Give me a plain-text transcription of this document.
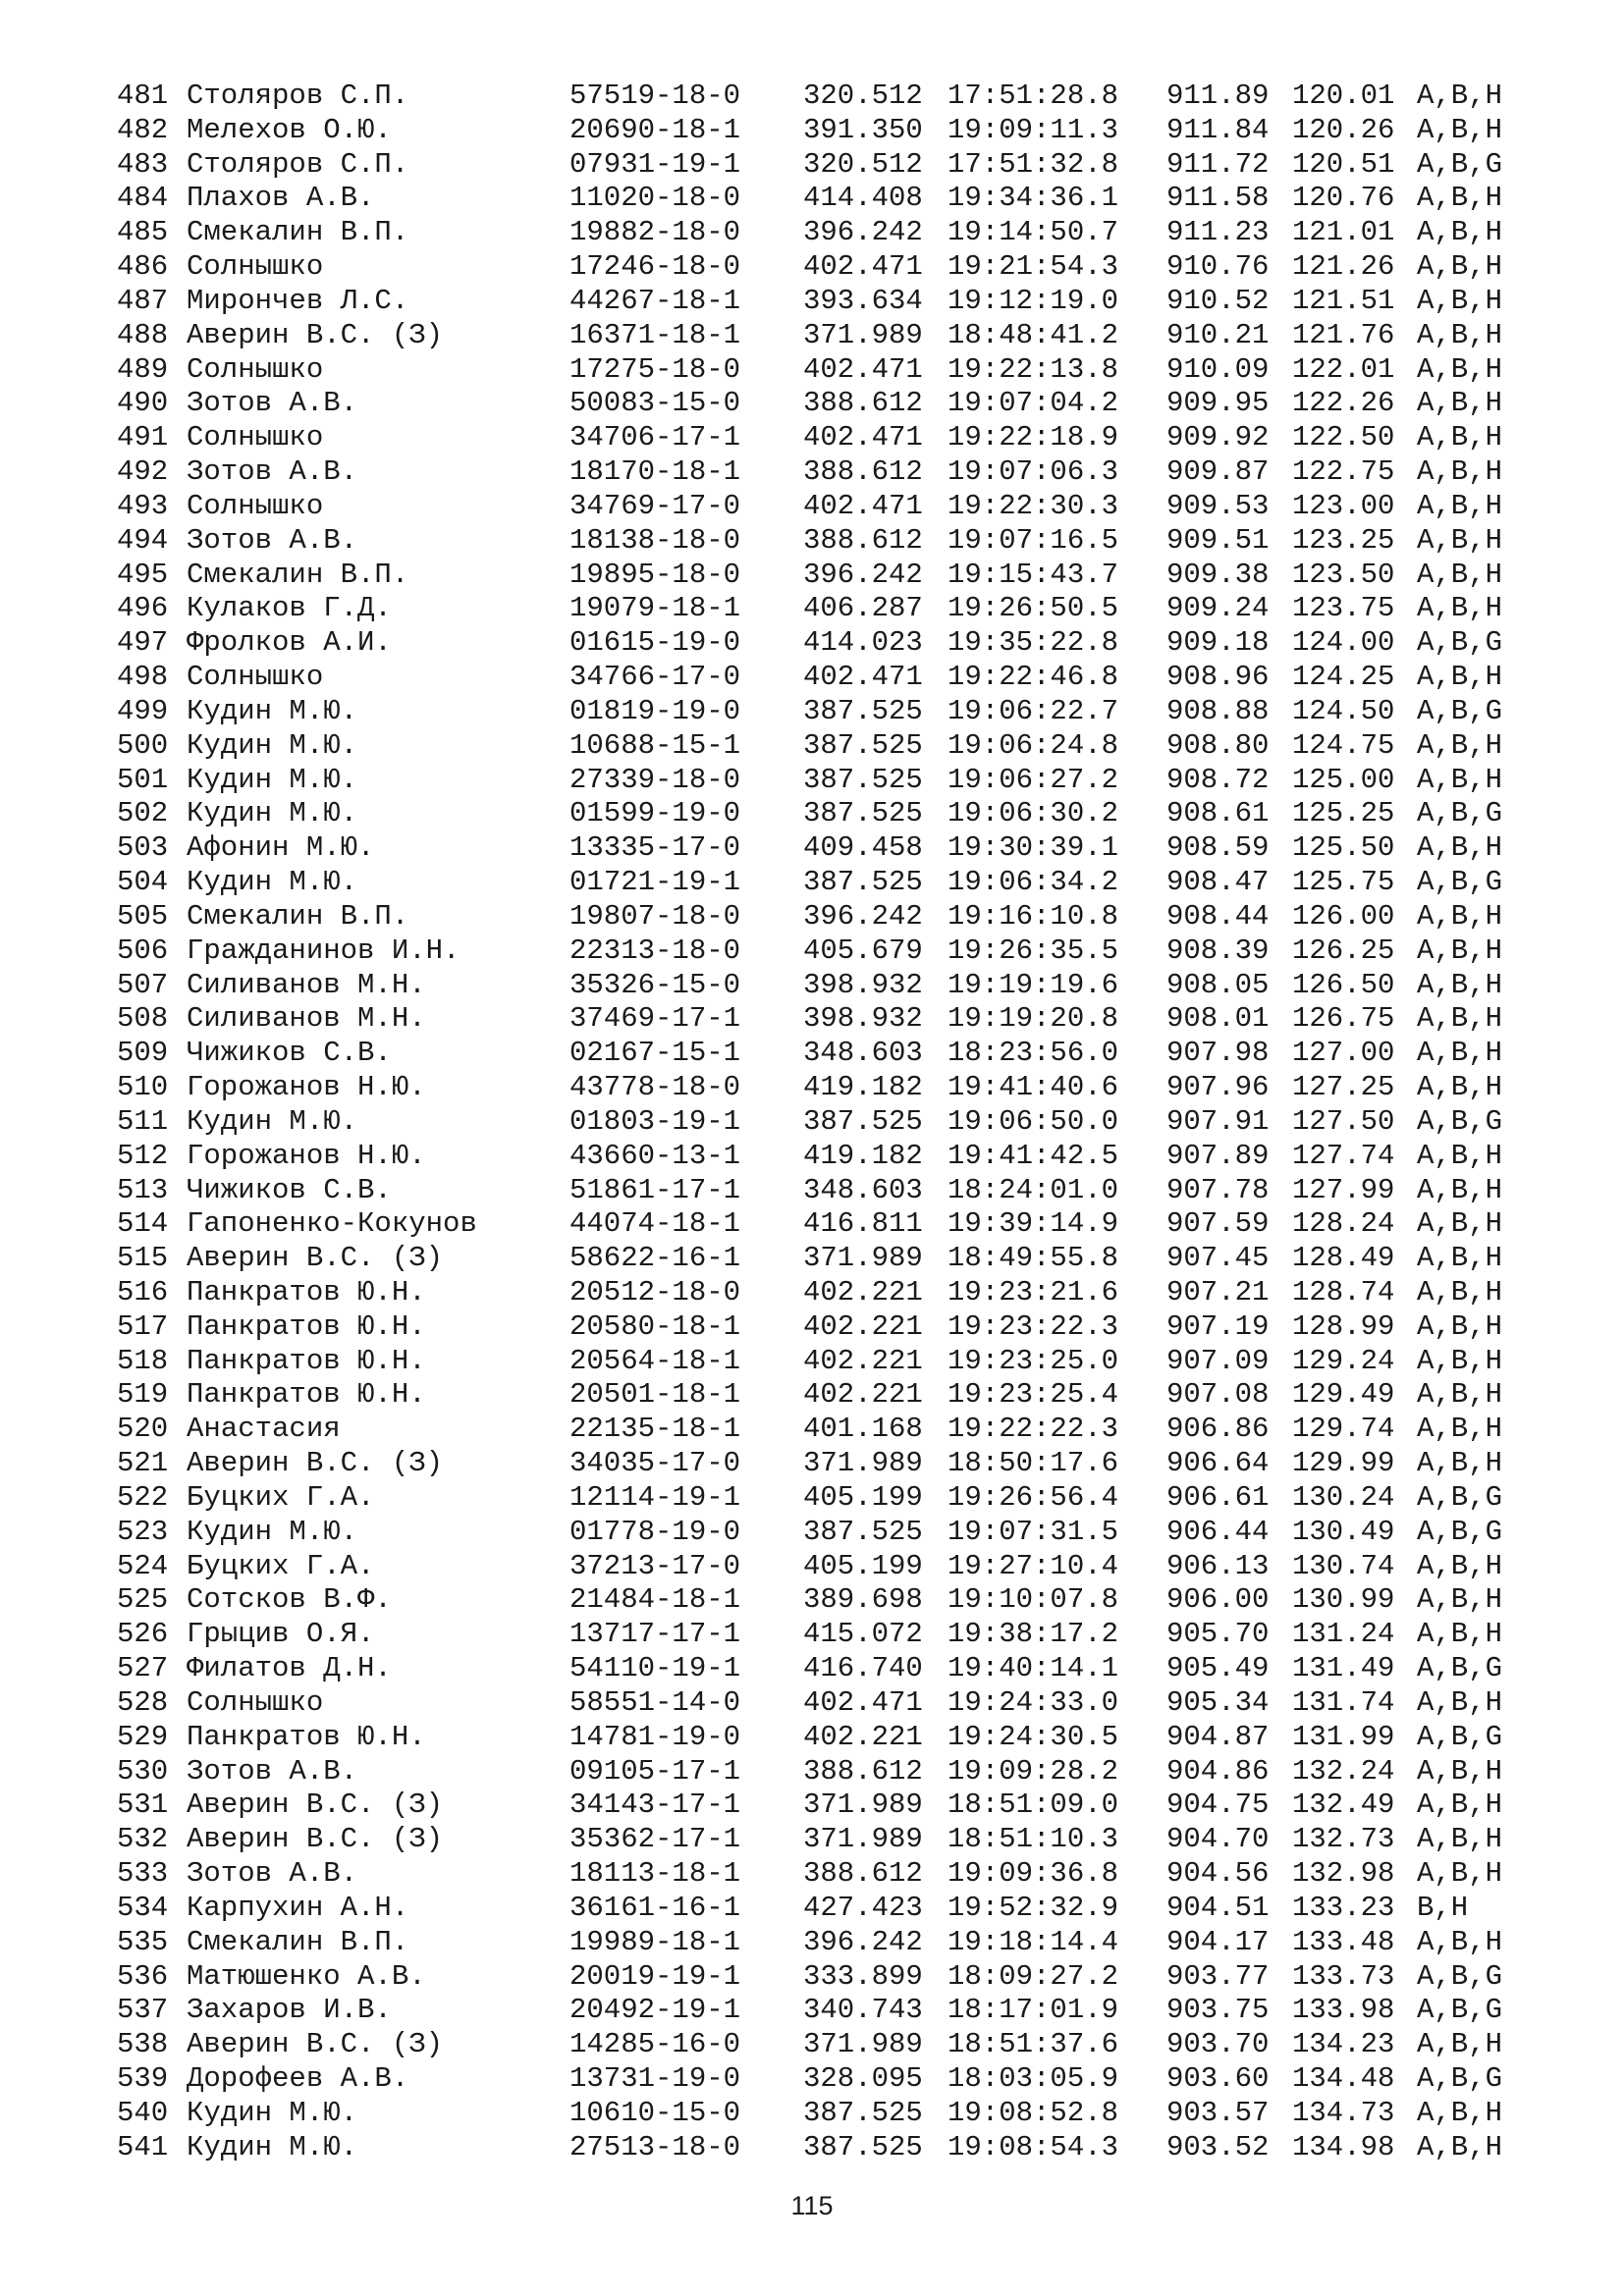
481 Столяров С.П.	57519-18-0 320.512 17:51:28.8 911.89 120.01 A,B,H
482 Мелехов О.Ю.	20690-18-1 391.350 19:09:11.3 911.84 120.26 A,B,H
483 Столяров С.П.	07931-19-1 320.512 17:51:32.8 911.72 120.51 A,B,G
484 Плахов А.В.	11020-18-0 414.408 19:34:36.1 911.58 120.76 A,B,H
485 Смекалин В.П.	19882-18-0 396.242 19:14:50.7 911.23 121.01 A,B,H
486 Солнышко	17246-18-0 402.471 19:21:54.3 910.76 121.26 A,B,H
487 Мирончев Л.С.	44267-18-1 393.634 19:12:19.0 910.52 121.51 A,B,H
488 Аверин В.С. (З)	16371-18-1 371.989 18:48:41.2 910.21 121.76 A,B,H
489 Солнышко	17275-18-0 402.471 19:22:13.8 910.09 122.01 A,B,H
490 Зотов А.В.	50083-15-0 388.612 19:07:04.2 909.95 122.26 A,B,H
491 Солнышко	34706-17-1 402.471 19:22:18.9 909.92 122.50 A,B,H
492 Зотов А.В.	18170-18-1 388.612 19:07:06.3 909.87 122.75 A,B,H
493 Солнышко	34769-17-0 402.471 19:22:30.3 909.53 123.00 A,B,H
494 Зотов А.В.	18138-18-0 388.612 19:07:16.5 909.51 123.25 A,B,H
495 Смекалин В.П.	19895-18-0 396.242 19:15:43.7 909.38 123.50 A,B,H
496 Кулаков Г.Д.	19079-18-1 406.287 19:26:50.5 909.24 123.75 A,B,H
497 Фролков А.И.	01615-19-0 414.023 19:35:22.8 909.18 124.00 A,B,G
498 Солнышко	34766-17-0 402.471 19:22:46.8 908.96 124.25 A,B,H
499 Кудин М.Ю.	01819-19-0 387.525 19:06:22.7 908.88 124.50 A,B,G
500 Кудин М.Ю.	10688-15-1 387.525 19:06:24.8 908.80 124.75 A,B,H
501 Кудин М.Ю.	27339-18-0 387.525 19:06:27.2 908.72 125.00 A,B,H
502 Кудин М.Ю.	01599-19-0 387.525 19:06:30.2 908.61 125.25 A,B,G
503 Афонин М.Ю.	13335-17-0 409.458 19:30:39.1 908.59 125.50 A,B,H
504 Кудин М.Ю.	01721-19-1 387.525 19:06:34.2 908.47 125.75 A,B,G
505 Смекалин В.П.	19807-18-0 396.242 19:16:10.8 908.44 126.00 A,B,H
506 Гражданинов И.Н.	22313-18-0 405.679 19:26:35.5 908.39 126.25 A,B,H
507 Силиванов М.Н.	35326-15-0 398.932 19:19:19.6 908.05 126.50 A,B,H
508 Силиванов М.Н.	37469-17-1 398.932 19:19:20.8 908.01 126.75 A,B,H
509 Чижиков С.В.	02167-15-1 348.603 18:23:56.0 907.98 127.00 A,B,H
510 Горожанов Н.Ю.	43778-18-0 419.182 19:41:40.6 907.96 127.25 A,B,H
511 Кудин М.Ю.	01803-19-1 387.525 19:06:50.0 907.91 127.50 A,B,G
512 Горожанов Н.Ю.	43660-13-1 419.182 19:41:42.5 907.89 127.74 A,B,H
513 Чижиков С.В.	51861-17-1 348.603 18:24:01.0 907.78 127.99 A,B,H
514 Гапоненко-Кокунов	44074-18-1 416.811 19:39:14.9 907.59 128.24 A,B,H
515 Аверин В.С. (З)	58622-16-1 371.989 18:49:55.8 907.45 128.49 A,B,H
516 Панкратов Ю.Н.	20512-18-0 402.221 19:23:21.6 907.21 128.74 A,B,H
517 Панкратов Ю.Н.	20580-18-1 402.221 19:23:22.3 907.19 128.99 A,B,H
518 Панкратов Ю.Н.	20564-18-1 402.221 19:23:25.0 907.09 129.24 A,B,H
519 Панкратов Ю.Н.	20501-18-1 402.221 19:23:25.4 907.08 129.49 A,B,H
520 Анастасия	22135-18-1 401.168 19:22:22.3 906.86 129.74 A,B,H
521 Аверин В.С. (З)	34035-17-0 371.989 18:50:17.6 906.64 129.99 A,B,H
522 Буцких Г.А.	12114-19-1 405.199 19:26:56.4 906.61 130.24 A,B,G
523 Кудин М.Ю.	01778-19-0 387.525 19:07:31.5 906.44 130.49 A,B,G
524 Буцких Г.А.	37213-17-0 405.199 19:27:10.4 906.13 130.74 A,B,H
525 Сотсков В.Ф.	21484-18-1 389.698 19:10:07.8 906.00 130.99 A,B,H
526 Грыцив О.Я.	13717-17-1 415.072 19:38:17.2 905.70 131.24 A,B,H
527 Филатов Д.Н.	54110-19-1 416.740 19:40:14.1 905.49 131.49 A,B,G
528 Солнышко	58551-14-0 402.471 19:24:33.0 905.34 131.74 A,B,H
529 Панкратов Ю.Н.	14781-19-0 402.221 19:24:30.5 904.87 131.99 A,B,G
530 Зотов А.В.	09105-17-1 388.612 19:09:28.2 904.86 132.24 A,B,H
531 Аверин В.С. (З)	34143-17-1 371.989 18:51:09.0 904.75 132.49 A,B,H
532 Аверин В.С. (З)	35362-17-1 371.989 18:51:10.3 904.70 132.73 A,B,H
533 Зотов А.В.	18113-18-1 388.612 19:09:36.8 904.56 132.98 A,B,H
534 Карпухин А.Н.	36161-16-1 427.423 19:52:32.9 904.51 133.23 B,H
535 Смекалин В.П.	19989-18-1 396.242 19:18:14.4 904.17 133.48 A,B,H
536 Матюшенко А.В.	20019-19-1 333.899 18:09:27.2 903.77 133.73 A,B,G
537 Захаров И.В.	20492-19-1 340.743 18:17:01.9 903.75 133.98 A,B,G
538 Аверин В.С. (З)	14285-16-0 371.989 18:51:37.6 903.70 134.23 A,B,H
539 Дорофеев А.В.	13731-19-0 328.095 18:03:05.9 903.60 134.48 A,B,G
540 Кудин М.Ю.	10610-15-0 387.525 19:08:52.8 903.57 134.73 A,B,H
541 Кудин М.Ю.	27513-18-0 387.525 19:08:54.3 903.52 134.98 A,B,H
115
